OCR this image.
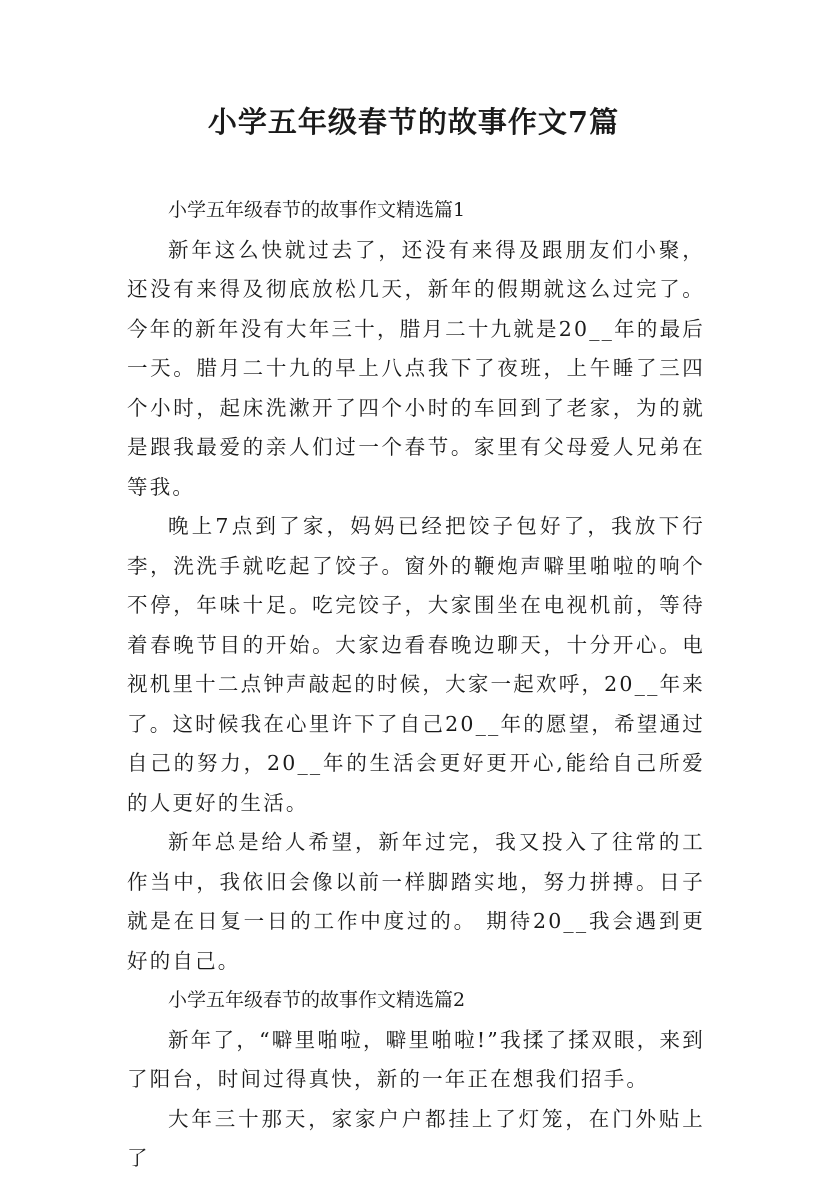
小学五年级春节的故事作文7篇

小学五年级春节的故事作文精选篇1

新年这么快就过去了，还没有来得及跟朋友们小聚，还没有来得及彻底放松几天，新年的假期就这么过完了。今年的新年没有大年三十，腊月二十九就是20__年的最后一天。腊月二十九的早上八点我下了夜班，上午睡了三四个小时，起床洗漱开了四个小时的车回到了老家，为的就是跟我最爱的亲人们过一个春节。家里有父母爱人兄弟在等我。

晚上7点到了家，妈妈已经把饺子包好了，我放下行李，洗洗手就吃起了饺子。窗外的鞭炮声噼里啪啦的响个不停，年味十足。吃完饺子，大家围坐在电视机前，等待着春晚节目的开始。大家边看春晚边聊天，十分开心。电视机里十二点钟声敲起的时候，大家一起欢呼，20__年来了。这时候我在心里许下了自己20__年的愿望，希望通过自己的努力，20__年的生活会更好更开心,能给自己所爱的人更好的生活。

新年总是给人希望，新年过完，我又投入了往常的工作当中，我依旧会像以前一样脚踏实地，努力拼搏。日子就是在日复一日的工作中度过的。 期待20__我会遇到更好的自己。

小学五年级春节的故事作文精选篇2

新年了，“噼里啪啦，噼里啪啦!”我揉了揉双眼，来到了阳台，时间过得真快，新的一年正在想我们招手。

大年三十那天，家家户户都挂上了灯笼，在门外贴上了
